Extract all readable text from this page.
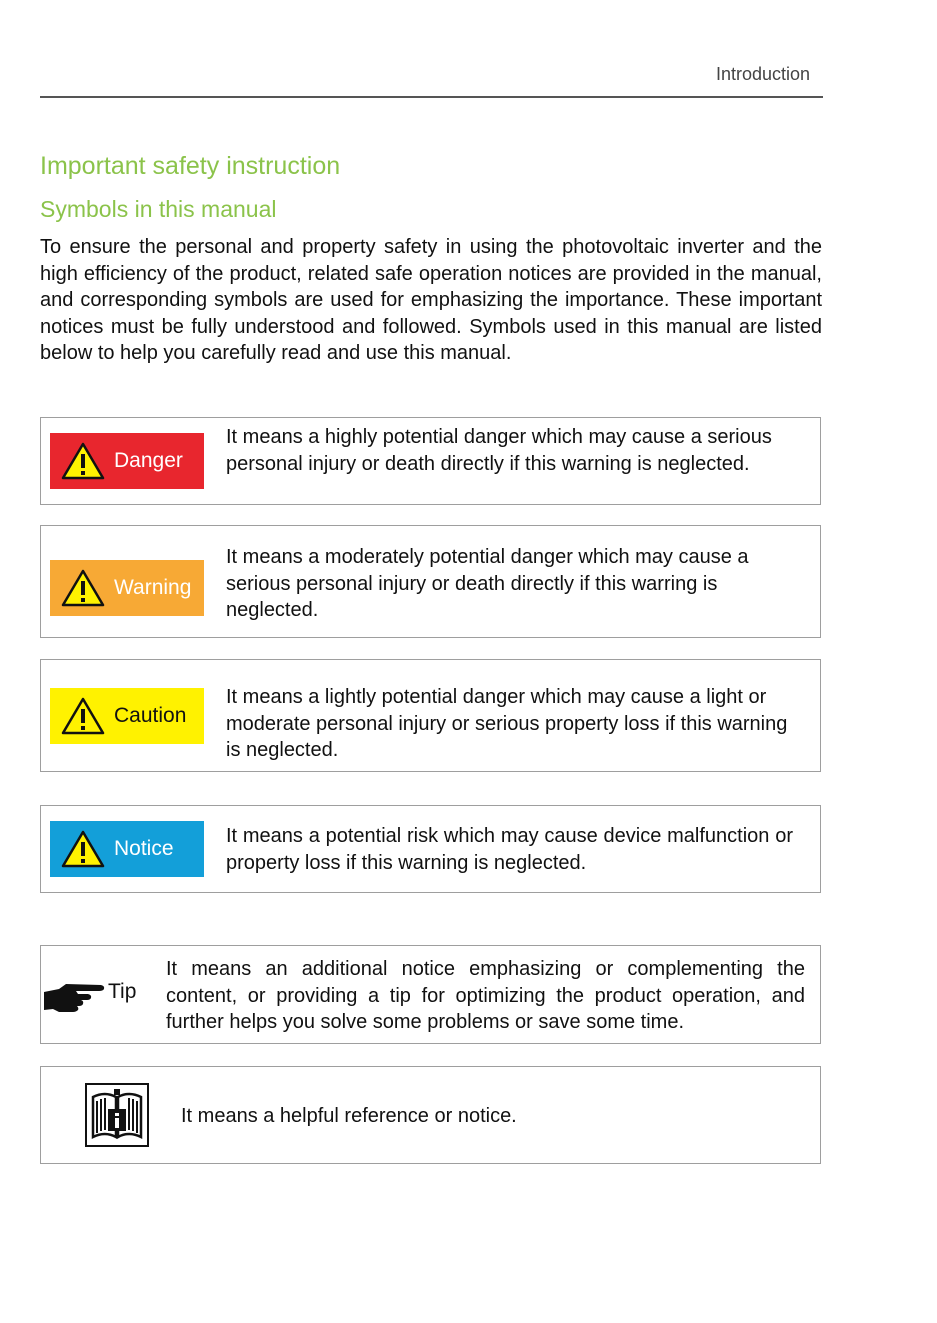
Introduction
Important safety instruction
Symbols in this manual

To ensure the personal and property safety in using the photovoltaic inverter and the high efficiency of the product, related safe operation notices are provided in the manual, and corresponding symbols are used for emphasizing the importance. These important notices must be fully understood and followed. Symbols used in this manual are listed below to help you carefully read and use this manual.

Danger

It means a highly potential danger which may cause a serious personal injury or death directly if this warning is neglected.

Warning

It means a moderately potential danger which may cause a serious personal injury or death directly if this warring is neglected.

Caution

It means a lightly potential danger which may cause a light or moderate personal injury or serious property loss if this warning is neglected.

Notice

It means a potential risk which may cause device malfunction or property loss if this warning is neglected.

Tip

It means an additional notice emphasizing or complementing the content, or providing a tip for optimizing the product operation, and further helps you solve some problems or save some time.

It means a helpful reference or notice.
